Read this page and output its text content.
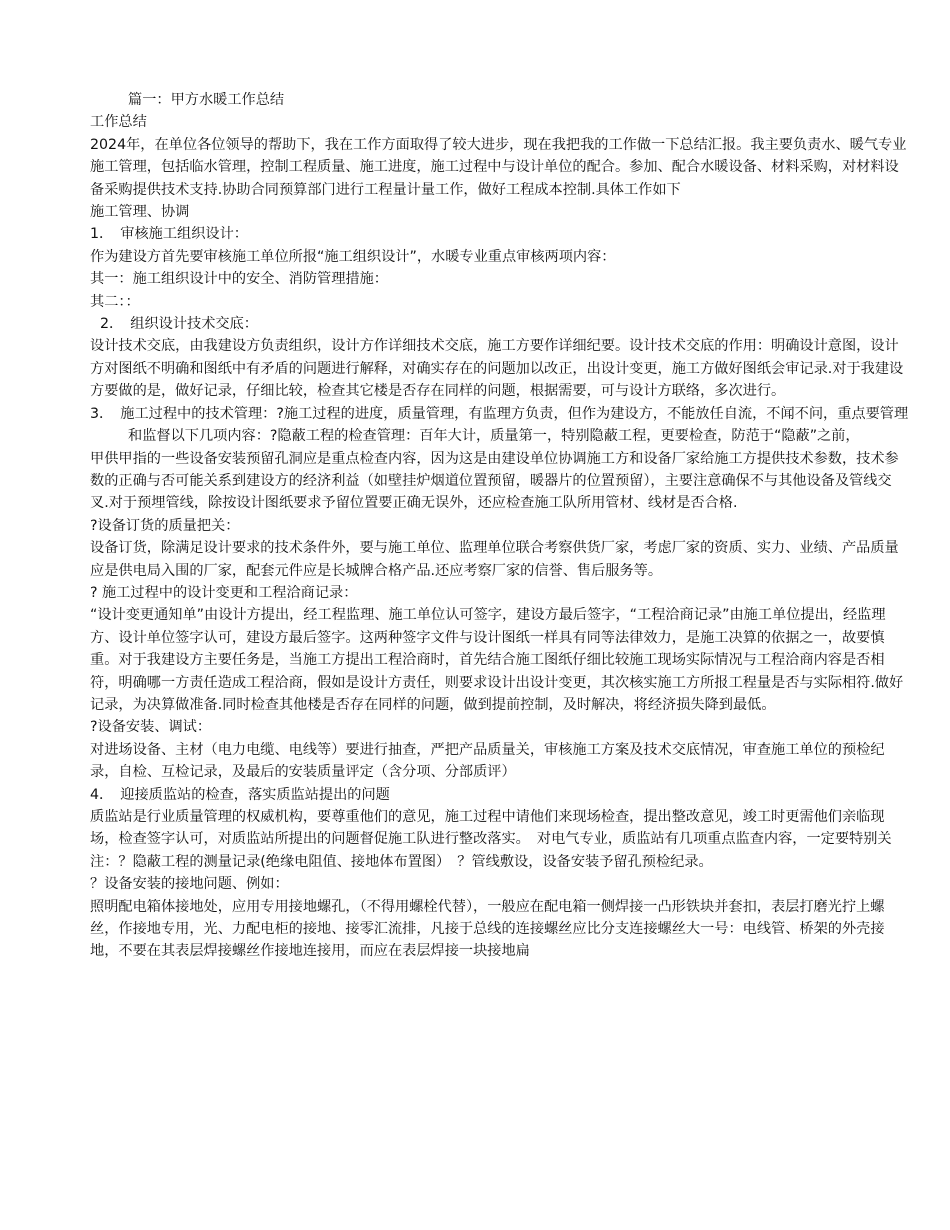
篇一：甲方水暖工作总结

工作总结

2024年，在单位各位领导的帮助下，我在工作方面取得了较大进步，现在我把我的工作做一下总结汇报。我主要负责水、暖气专业施工管理，包括临水管理，控制工程质量、施工进度，施工过程中与设计单位的配合。参加、配合水暖设备、材料采购，对材料设备采购提供技术支持.协助合同预算部门进行工程量计量工作，做好工程成本控制.具体工作如下

施工管理、协调

1．　审核施工组织设计：

作为建设方首先要审核施工单位所报“施工组织设计”，水暖专业重点审核两项内容：

其一：施工组织设计中的安全、消防管理措施：

其二：：

2．　组织设计技术交底：

设计技术交底，由我建设方负责组织，设计方作详细技术交底，施工方要作详细纪要。设计技术交底的作用：明确设计意图，设计方对图纸不明确和图纸中有矛盾的问题进行解释，对确实存在的问题加以改正，出设计变更，施工方做好图纸会审记录.对于我建设方要做的是，做好记录，仔细比较，检查其它楼是否存在同样的问题，根据需要，可与设计方联络，多次进行。

3．　施工过程中的技术管理：?施工过程的进度，质量管理，有监理方负责，但作为建设方，不能放任自流，不闻不问，重点要管理和监督以下几项内容：?隐蔽工程的检查管理：百年大计，质量第一，特别隐蔽工程，更要检查，防范于“隐蔽”之前，

甲供甲指的一些设备安装预留孔洞应是重点检查内容，因为这是由建设单位协调施工方和设备厂家给施工方提供技术参数，技术参数的正确与否可能关系到建设方的经济利益（如壁挂炉烟道位置预留，暖器片的位置预留），主要注意确保不与其他设备及管线交叉.对于预埋管线，除按设计图纸要求予留位置要正确无误外，还应检查施工队所用管材、线材是否合格.

?设备订货的质量把关：

设备订货，除满足设计要求的技术条件外，要与施工单位、监理单位联合考察供货厂家，考虑厂家的资质、实力、业绩、产品质量应是供电局入围的厂家，配套元件应是长城牌合格产品.还应考察厂家的信誉、售后服务等。

? 施工过程中的设计变更和工程洽商记录：

“设计变更通知单”由设计方提出，经工程监理、施工单位认可签字，建设方最后签字，“工程洽商记录”由施工单位提出，经监理方、设计单位签字认可，建设方最后签字。这两种签字文件与设计图纸一样具有同等法律效力，是施工决算的依据之一，故要慎重。对于我建设方主要任务是，当施工方提出工程洽商时，首先结合施工图纸仔细比较施工现场实际情况与工程洽商内容是否相符，明确哪一方责任造成工程洽商，假如是设计方责任，则要求设计出设计变更，其次核实施工方所报工程量是否与实际相符.做好记录，为决算做准备.同时检查其他楼是否存在同样的问题，做到提前控制，及时解决，将经济损失降到最低。

?设备安装、调试：

对进场设备、主材（电力电缆、电线等）要进行抽查，严把产品质量关，审核施工方案及技术交底情况，审查施工单位的预检纪录，自检、互检记录，及最后的安装质量评定（含分项、分部质评）

4．　迎接质监站的检查，落实质监站提出的问题

质监站是行业质量管理的权威机构，要尊重他们的意见，施工过程中请他们来现场检查，提出整改意见，竣工时更需他们亲临现场，检查签字认可，对质监站所提出的问题督促施工队进行整改落实。　对电气专业，质监站有几项重点监查内容，一定要特别关注：？隐蔽工程的测量记录(绝缘电阻值、接地体布置图）　？管线敷设，设备安装予留孔预检纪录。

？设备安装的接地问题、例如：

照明配电箱体接地处，应用专用接地螺孔，（不得用螺栓代替），一般应在配电箱一侧焊接一凸形铁块并套扣，表层打磨光拧上螺丝，作接地专用，光、力配电柜的接地、接零汇流排，凡接于总线的连接螺丝应比分支连接螺丝大一号：电线管、桥架的外壳接地，不要在其表层焊接螺丝作接地连接用，而应在表层焊接一块接地扁
